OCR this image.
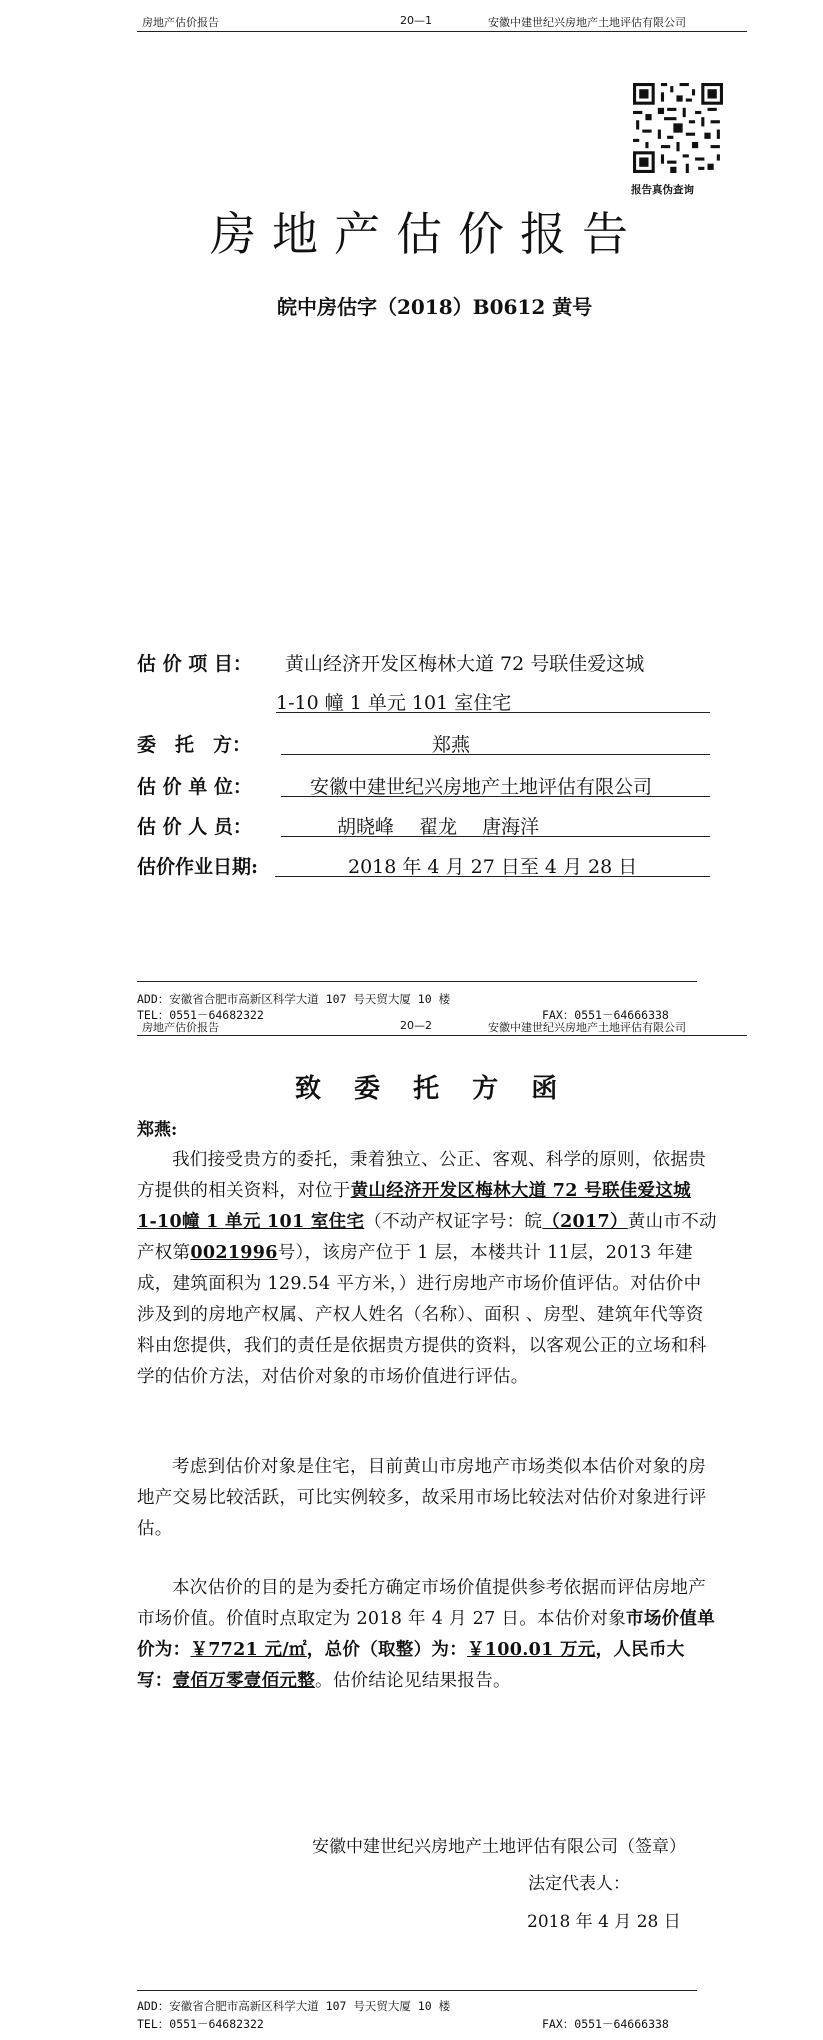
房地产估价报告	20—1	安徽中建世纪兴房地产土地评估有限公司
报告真伪查询
房地产估价报告
皖中房估字（2018）B0612 黄号
估 价 项 目： 黄山经济开发区梅林大道 72 号联佳爱这城
1-10 幢 1 单元 101 室住宅
委　托　方：	郑燕
估 价 单 位：	安徽中建世纪兴房地产土地评估有限公司
估 价 人 员：	胡晓峰　 翟龙　 唐海洋
估价作业日期:	2018 年 4 月 27 日至 4 月 28 日
ADD：安徽省合肥市高新区科学大道 107 号天贸大厦 10 楼
TEL：0551－64682322	FAX：0551－64666338
房地产估价报告	20—2	安徽中建世纪兴房地产土地评估有限公司
致 委 托 方 函
郑燕:
我们接受贵方的委托，秉着独立、公正、客观、科学的原则，依据贵方提供的相关资料，对位于黄山经济开发区梅林大道 72 号联佳爱这城 1-10幢 1 单元 101 室住宅（不动产权证字号：皖（2017）黄山市不动产权第0021996号），该房产位于 1 层，本楼共计 11层，2013 年建成，建筑面积为 129.54 平方米，）进行房地产市场价值评估。对估价中涉及到的房地产权属、产权人姓名（名称）、面积 、房型、建筑年代等资料由您提供，我们的责任是依据贵方提供的资料，以客观公正的立场和科学的估价方法，对估价对象的市场价值进行评估。
考虑到估价对象是住宅，目前黄山市房地产市场类似本估价对象的房地产交易比较活跃，可比实例较多，故采用市场比较法对估价对象进行评估。
本次估价的目的是为委托方确定市场价值提供参考依据而评估房地产市场价值。价值时点取定为 2018 年 4 月 27 日。本估价对象市场价值单价为：￥7721 元/㎡，总价（取整）为：￥100.01 万元，人民币大写：壹佰万零壹佰元整。估价结论见结果报告。
安徽中建世纪兴房地产土地评估有限公司（签章）
法定代表人：
2018 年 4 月 28 日
ADD：安徽省合肥市高新区科学大道 107 号天贸大厦 10 楼
TEL：0551－64682322	FAX：0551－64666338
